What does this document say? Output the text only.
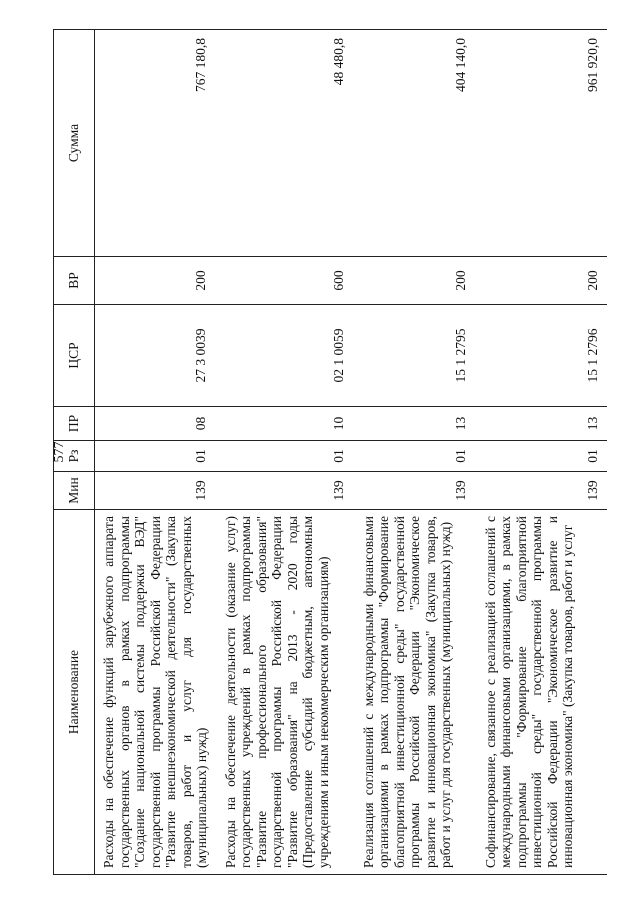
577
Наименование	Мин	Рз	ПР	ЦСР	ВР	Сумма
Расходы на обеспечение функций зарубежного аппарата государственных органов в рамках подпрограммы "Создание национальной системы поддержки ВЭД" государственной программы Российской Федерации "Развитие внешнеэкономической деятельности" (Закупка товаров, работ и услуг для государственных (муниципальных) нужд)	139	01	08	27 3 0039	200	767 180,8
Расходы на обеспечение деятельности (оказание услуг) государственных учреждений в рамках подпрограммы "Развитие профессионального образования" государственной программы Российской Федерации "Развитие образования" на 2013 - 2020 годы (Предоставление субсидий бюджетным, автономным учреждениям и иным некоммерческим организациям)	139	01	10	02 1 0059	600	48 480,8
Реализация соглашений с международными финансовыми организациями в рамках подпрограммы "Формирование благоприятной инвестиционной среды" государственной программы Российской Федерации "Экономическое развитие и инновационная экономика" (Закупка товаров, работ и услуг для государственных (муниципальных) нужд)	139	01	13	15 1 2795	200	404 140,0
Софинансирование, связанное с реализацией соглашений с международными финансовыми организациями, в рамках подпрограммы "Формирование благоприятной инвестиционной среды" государственной программы Российской Федерации "Экономическое развитие и инновационная экономика" (Закупка товаров, работ и услуг	139	01	13	15 1 2796	200	961 920,0
